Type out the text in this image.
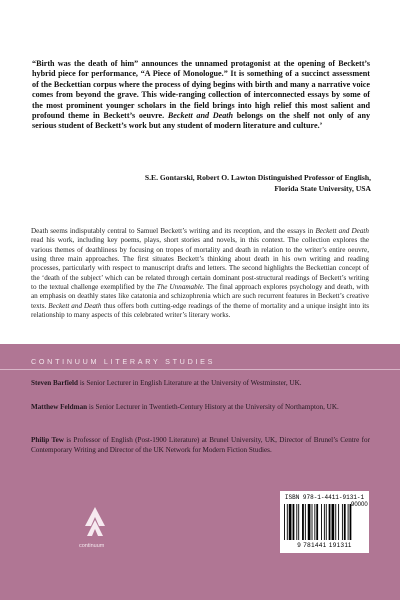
“Birth was the death of him” announces the unnamed protagonist at the opening of Beckett’s hybrid piece for performance, “A Piece of Monologue.” It is something of a succinct assessment of the Beckettian corpus where the process of dying begins with birth and many a narrative voice comes from beyond the grave. This wide-ranging collection of interconnected essays by some of the most prominent younger scholars in the field brings into high relief this most salient and profound theme in Beckett’s oeuvre. Beckett and Death belongs on the shelf not only of any serious student of Beckett’s work but any student of modern literature and culture.’
S.E. Gontarski, Robert O. Lawton Distinguished Professor of English,
Florida State University, USA
Death seems indisputably central to Samuel Beckett’s writing and its reception, and the essays in Beckett and Death read his work, including key poems, plays, short stories and novels, in this context. The collection explores the various themes of deathliness by focusing on tropes of mortality and death in relation to the writer’s entire oeuvre, using three main approaches. The first situates Beckett’s thinking about death in his own writing and reading processes, particularly with respect to manuscript drafts and letters. The second highlights the Beckettian concept of the ‘death of the subject’ which can be related through certain dominant post-structural readings of Beckett’s writing to the textual challenge exemplified by the The Unnamable. The final approach explores psychology and death, with an emphasis on deathly states like catatonia and schizophrenia which are such recurrent features in Beckett’s creative texts. Beckett and Death thus offers both cutting-edge readings of the theme of mortality and a unique insight into its relationship to many aspects of this celebrated writer’s literary works.
CONTINUUM LITERARY STUDIES
Steven Barfield is Senior Lecturer in English Literature at the University of Westminster, UK.
Matthew Feldman is Senior Lecturer in Twentieth-Century History at the University of Northampton, UK.
Philip Tew is Professor of English (Post-1900 Literature) at Brunel University, UK, Director of Brunel’s Centre for Contemporary Writing and Director of the UK Network for Modern Fiction Studies.
continuum
ISBN 978-1-4411-9131-1
9 781441 191311
90000
